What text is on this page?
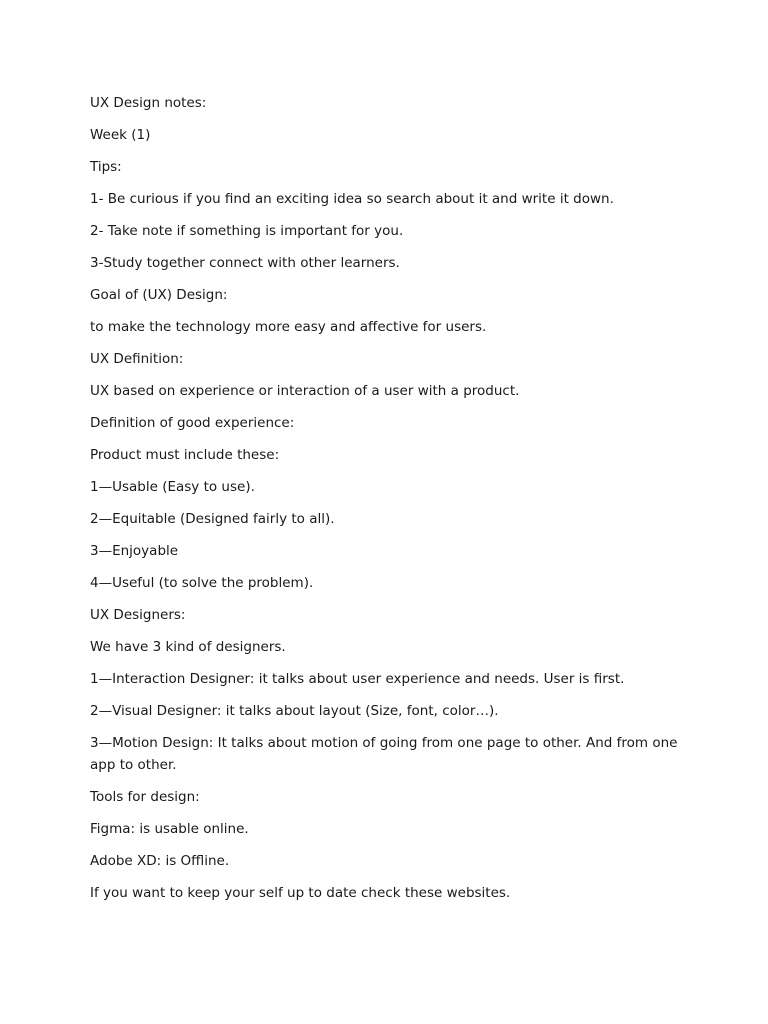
UX Design notes:

Week (1)

Tips:

1- Be curious if you find an exciting idea so search about it and write it down.

2- Take note if something is important for you.

3-Study together connect with other learners.

Goal of (UX) Design:

to make the technology more easy and affective for users.

UX Definition:

UX based on experience or interaction of a user with a product.

Definition of good experience:

Product must include these:

1—Usable (Easy to use).

2—Equitable (Designed fairly to all).

3—Enjoyable

4—Useful (to solve the problem).

UX Designers:

We have 3 kind of designers.

1—Interaction Designer: it talks about user experience and needs. User is first.

2—Visual Designer: it talks about layout (Size, font, color…).

3—Motion Design: It talks about motion of going from one page to other. And from one app to other.

Tools for design:

Figma: is usable online.

Adobe XD: is Offline.

If you want to keep your self up to date check these websites.
